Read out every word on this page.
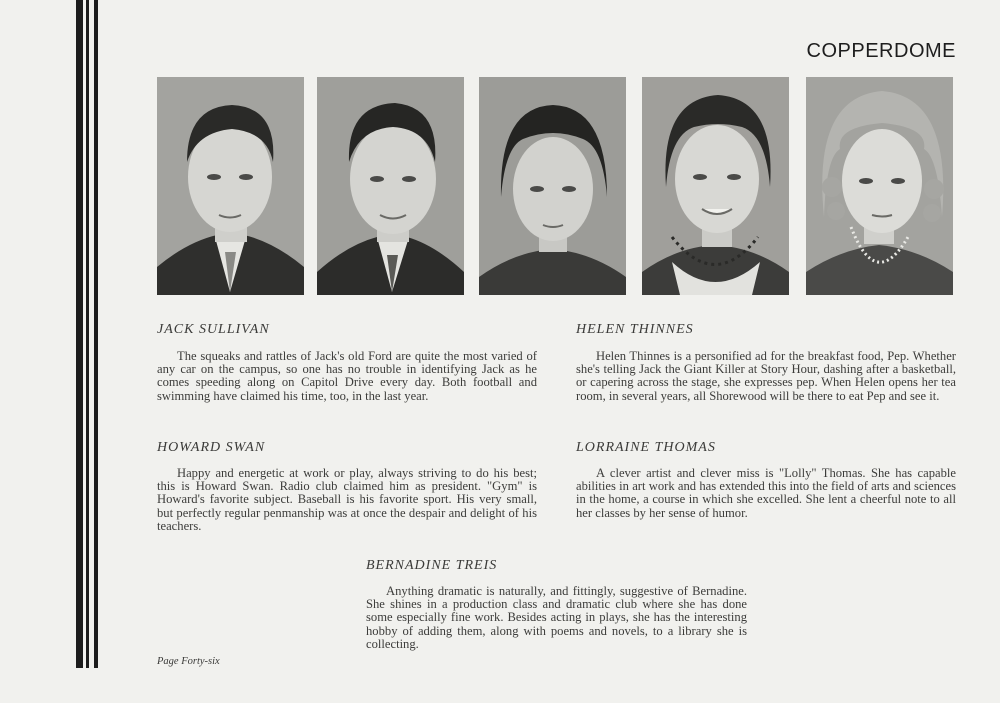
COPPERDOME
JACK SULLIVAN

The squeaks and rattles of Jack's old Ford are quite the most varied of any car on the campus, so one has no trouble in identifying Jack as he comes speeding along on Capitol Drive every day. Both football and swimming have claimed his time, too, in the last year.

HELEN THINNES

Helen Thinnes is a personified ad for the breakfast food, Pep. Whether she's telling Jack the Giant Killer at Story Hour, dashing after a basketball, or capering across the stage, she expresses pep. When Helen opens her tea room, in several years, all Shorewood will be there to eat Pep and see it.

HOWARD SWAN

Happy and energetic at work or play, always striving to do his best; this is Howard Swan. Radio club claimed him as president. "Gym" is Howard's favorite subject. Baseball is his favorite sport. His very small, but perfectly regular penmanship was at once the despair and delight of his teachers.

LORRAINE THOMAS

A clever artist and clever miss is "Lolly" Thomas. She has capable abilities in art work and has extended this into the field of arts and sciences in the home, a course in which she excelled. She lent a cheerful note to all her classes by her sense of humor.

BERNADINE TREIS

Anything dramatic is naturally, and fittingly, suggestive of Bernadine. She shines in a production class and dramatic club where she has done some especially fine work. Besides acting in plays, she has the interesting hobby of adding them, along with poems and novels, to a library she is collecting.

Page Forty-six
